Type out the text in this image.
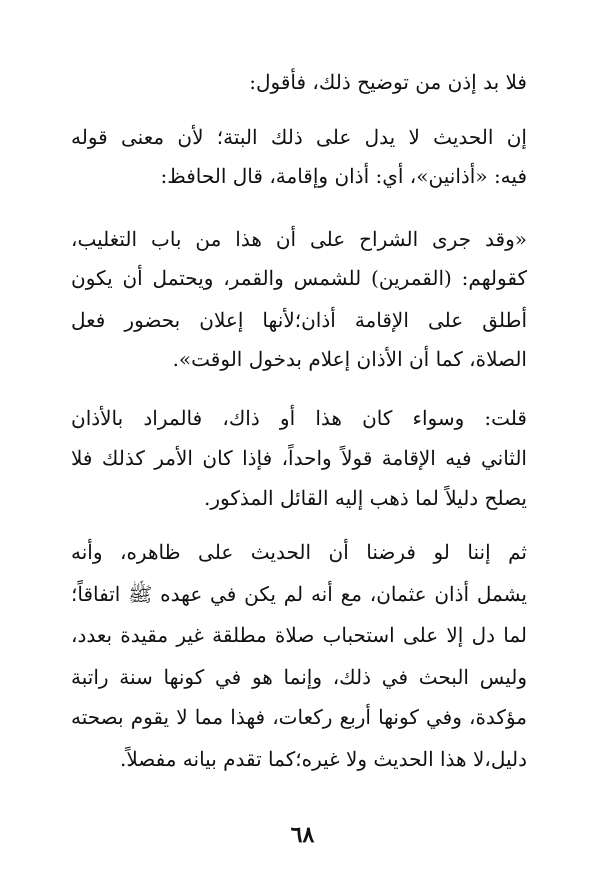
فلا بد إذن من توضيح ذلك، فأقول:
إن الحديث لا يدل على ذلك البتة؛ لأن معنى قوله
فيه: «أذانين»، أي: أذان وإقامة، قال الحافظ:
«وقد جرى الشراح على أن هذا من باب التغليب،
كقولهم: (القمرين) للشمس والقمر، ويحتمل أن يكون
أطلق على الإقامة أذان؛لأنها إعلان بحضور فعل
الصلاة، كما أن الأذان إعلام بدخول الوقت».
قلت: وسواء كان هذا أو ذاك، فالمراد بالأذان
الثاني فيه الإقامة قولاً واحداً، فإذا كان الأمر كذلك فلا
يصلح دليلاً لما ذهب إليه القائل المذكور.
ثم إننا لو فرضنا أن الحديث على ظاهره، وأنه
يشمل أذان عثمان، مع أنه لم يكن في عهده ﷺ اتفاقاً؛
لما دل إلا على استحباب صلاة مطلقة غير مقيدة بعدد،
وليس البحث في ذلك، وإنما هو في كونها سنة راتبة
مؤكدة، وفي كونها أربع ركعات، فهذا مما لا يقوم بصحته
دليل،لا هذا الحديث ولا غيره؛كما تقدم بيانه مفصلاً.
٦٨
